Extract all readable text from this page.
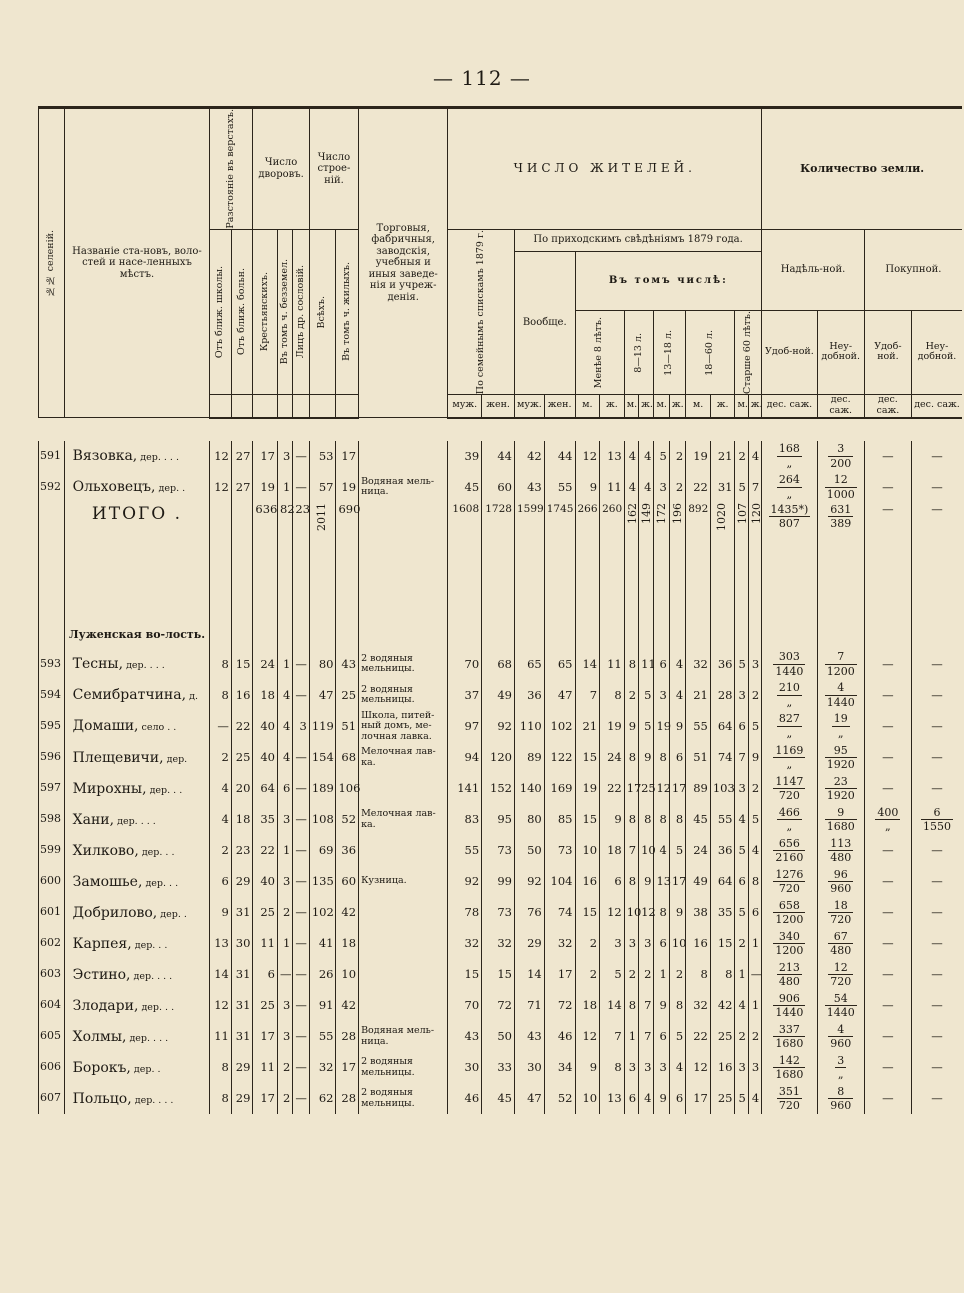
— 112 —
№№ селеній.	Названіе ста-новъ, воло-стей и насе-ленныхъ мѣстъ.	Разстояніе въ верстахъ.		Число дворовъ.			Число строе-ній.		Торговыя, фабричныя, заводскія, учебныя и иныя заведе-нія и учреж-денія.	ЧИСЛО ЖИТЕЛЕЙ.														Количество земли.			

		Отъ ближ. школы.	Отъ ближ. больн.	Крестьянскихъ.	Въ томъ ч. безземел.	Лицъ др. сословій.	Всѣхъ.	Въ томъ ч. жилыхъ.		По семейнымъ спискамъ 1879 г.		По приходскимъ свѣдѣніямъ 1879 года.												Надѣль-ной.		Покупной.	
												Вообще.		Въ томъ числѣ:													

														Менѣе 8 лѣтъ.		8—13 л.		13—18 л.		18—60 л.		Старше 60 лѣтъ.		Удоб-ной.	Неу-добной.	Удоб-ной.	Неу-добной.
										муж.	жен.	муж.	жен.	м.	ж.	м.	ж.	м.	ж.	м.	ж.	м.	ж.	дес. саж.	дес. саж.	дес. саж.	дес. саж.

591	Вязовка, дер. . . .	12	27	17	3	—	53	17		39	44	42	44	12	13	4	4	5	2	19	21	2	4	$\frac{168}{„}$	$\frac{3}{200}$	—	—
592	Ольховецъ, дер. .	12	27	19	1	—	57	19	Водяная мель-ница.	45	60	43	55	9	11	4	4	3	2	22	31	5	7	$\frac{264}{„}$	$\frac{12}{1000}$	—	—
	ИТОГО .			636	82	23	2011	690		1608	1728	1599	1745	266	260	162	149	172	196	892	1020	107	120	$\frac{1435*)}{807}$	$\frac{631}{389}$	—	—
	Луженская во-лость.																										
593	Тесны, дер. . . .	8	15	24	1	—	80	43	2 водяныя мельницы.	70	68	65	65	14	11	8	11	6	4	32	36	5	3	$\frac{303}{1440}$	$\frac{7}{1200}$	—	—
594	Семибратчина, д.	8	16	18	4	—	47	25	2 водяныя мельницы.	37	49	36	47	7	8	2	5	3	4	21	28	3	2	$\frac{210}{„}$	$\frac{4}{1440}$	—	—
595	Домаши, село . .	—	22	40	4	3	119	51	Школа, питей-ный домъ, ме-лочная лавка.	97	92	110	102	21	19	9	5	19	9	55	64	6	5	$\frac{827}{„}$	$\frac{19}{„}$	—	—
596	Плещевичи, дер.	2	25	40	4	—	154	68	Мелочная лав-ка.	94	120	89	122	15	24	8	9	8	6	51	74	7	9	$\frac{1169}{„}$	$\frac{95}{1920}$	—	—
597	Мирохны, дер. . .	4	20	64	6	—	189	106		141	152	140	169	19	22	17	25	12	17	89	103	3	2	$\frac{1147}{720}$	$\frac{23}{1920}$	—	—
598	Хани, дер. . . .	4	18	35	3	—	108	52	Мелочная лав-ка.	83	95	80	85	15	9	8	8	8	8	45	55	4	5	$\frac{466}{„}$	$\frac{9}{1680}$	$\frac{400}{„}$	$\frac{6}{1550}$

599	Хилково, дер. . .	2	23	22	1	—	69	36		55	73	50	73	10	18	7	10	4	5	24	36	5	4	$\frac{656}{2160}$	$\frac{113}{480}$	—	—
600	Замошье, дер. . .	6	29	40	3	—	135	60	Кузница.	92	99	92	104	16	6	8	9	13	17	49	64	6	8	$\frac{1276}{720}$	$\frac{96}{960}$	—	—
601	Добрилово, дер. .	9	31	25	2	—	102	42		78	73	76	74	15	12	10	12	8	9	38	35	5	6	$\frac{658}{1200}$	$\frac{18}{720}$	—	—
602	Карпея, дер. . .	13	30	11	1	—	41	18		32	32	29	32	2	3	3	3	6	10	16	15	2	1	$\frac{340}{1200}$	$\frac{67}{480}$	—	—
603	Эстино, дер. . . .	14	31	6	—	—	26	10		15	15	14	17	2	5	2	2	1	2	8	8	1	—	$\frac{213}{480}$	$\frac{12}{720}$	—	—
604	Злодари, дер. . .	12	31	25	3	—	91	42		70	72	71	72	18	14	8	7	9	8	32	42	4	1	$\frac{906}{1440}$	$\frac{54}{1440}$	—	—
605	Холмы, дер. . . .	11	31	17	3	—	55	28	Водяная мель-ница.	43	50	43	46	12	7	1	7	6	5	22	25	2	2	$\frac{337}{1680}$	$\frac{4}{960}$	—	—
606	Борокъ, дер. .	8	29	11	2	—	32	17	2 водяныя мельницы.	30	33	30	34	9	8	3	3	3	4	12	16	3	3	$\frac{142}{1680}$	$\frac{3}{„}$	—	—
607	Польцо, дер. . . .	8	29	17	2	—	62	28	2 водяныя мельницы.	46	45	47	52	10	13	6	4	9	6	17	25	5	4	$\frac{351}{720}$	$\frac{8}{960}$	—	—
